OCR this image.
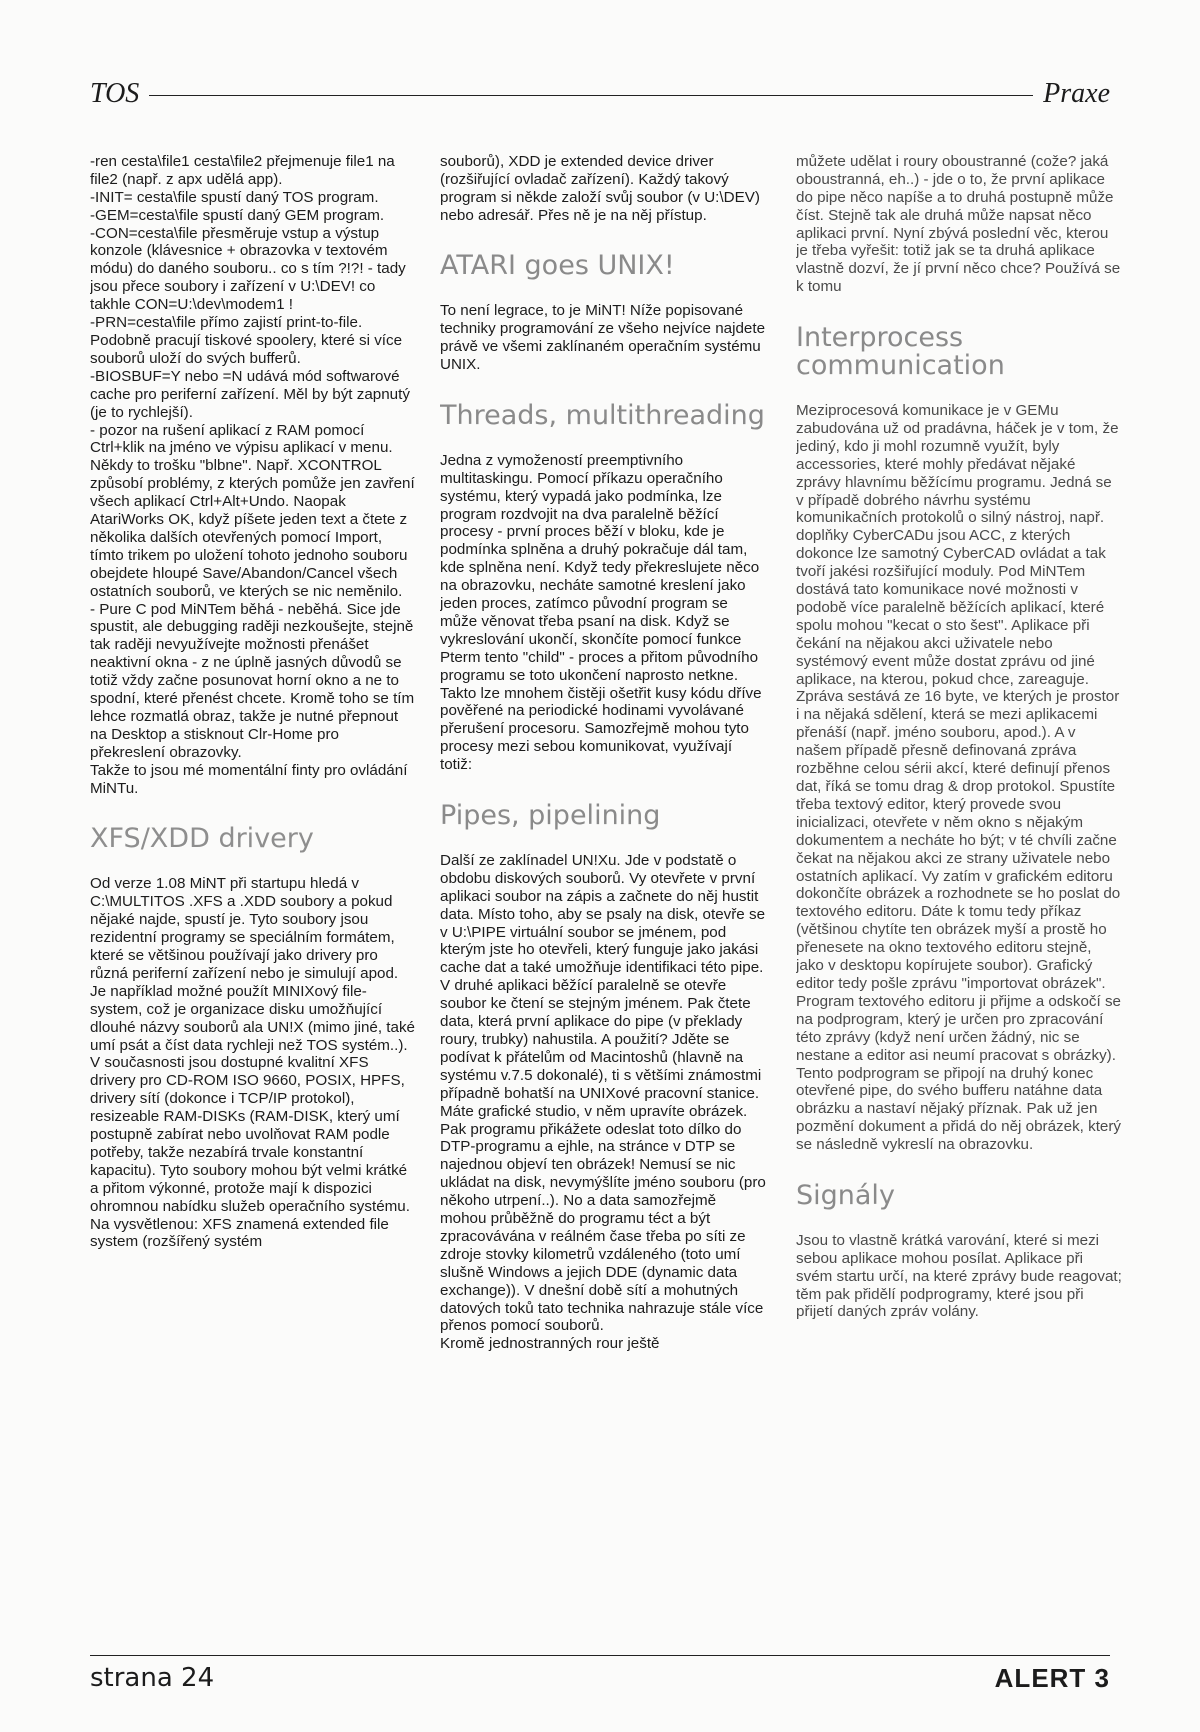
TOS	Praxe

-ren cesta\file1 cesta\file2 přejmenuje file1 na file2 (např. z apx udělá app).
-INIT= cesta\file spustí daný TOS program.
-GEM=cesta\file spustí daný GEM program.
-CON=cesta\file přesměruje vstup a výstup konzole (klávesnice + obrazovka v textovém módu) do daného souboru.. co s tím ?!?! - tady jsou přece soubory i zařízení v U:\DEV! co takhle CON=U:\dev\modem1 !
-PRN=cesta\file přímo zajistí print-to-file. Podobně pracují tiskové spoolery, které si více souborů uloží do svých bufferů.
-BIOSBUF=Y nebo =N udává mód softwarové cache pro periferní zařízení. Měl by být zapnutý (je to rychlejší).
- pozor na rušení aplikací z RAM pomocí Ctrl+klik na jméno ve výpisu aplikací v menu. Někdy to trošku "blbne". Např. XCONTROL způsobí problémy, z kterých pomůže jen zavření všech aplikací Ctrl+Alt+Undo. Naopak AtariWorks OK, když píšete jeden text a čtete z několika dalších otevřených pomocí Import, tímto trikem po uložení tohoto jednoho souboru obejdete hloupé Save/Abandon/Cancel všech ostatních souborů, ve kterých se nic neměnilo.
- Pure C pod MiNTem běhá - neběhá. Sice jde spustit, ale debugging raději nezkoušejte, stejně tak raději nevyužívejte možnosti přenášet neaktivní okna - z ne úplně jasných důvodů se totiž vždy začne posunovat horní okno a ne to spodní, které přenést chcete. Kromě toho se tím lehce rozmatlá obraz, takže je nutné přepnout na Desktop a stisknout Clr-Home pro překreslení obrazovky.
Takže to jsou mé momentální finty pro ovládání MiNTu.

XFS/XDD drivery

Od verze 1.08 MiNT při startupu hledá v C:\MULTITOS .XFS a .XDD soubory a pokud nějaké najde, spustí je. Tyto soubory jsou rezidentní programy se speciálním formátem, které se většinou používají jako drivery pro různá periferní zařízení nebo je simulují apod. Je například možné použít MINIXový file-system, což je organizace disku umožňující dlouhé názvy souborů ala UN!X (mimo jiné, také umí psát a číst data rychleji než TOS systém..). V současnosti jsou dostupné kvalitní XFS drivery pro CD-ROM ISO 9660, POSIX, HPFS, drivery sítí (dokonce i TCP/IP protokol), resizeable RAM-DISKs (RAM-DISK, který umí postupně zabírat nebo uvolňovat RAM podle potřeby, takže nezabírá trvale konstantní kapacitu). Tyto soubory mohou být velmi krátké a přitom výkonné, protože mají k dispozici ohromnou nabídku služeb operačního systému. Na vysvětlenou: XFS znamená extended file system (rozšířený systém

souborů), XDD je extended device driver (rozšiřující ovladač zařízení). Každý takový program si někde založí svůj soubor (v U:\DEV) nebo adresář. Přes ně je na něj přístup.

ATARI goes UNIX!

To není legrace, to je MiNT! Níže popisované techniky programování ze všeho nejvíce najdete právě ve všemi zaklínaném operačním systému UNIX.

Threads, multithreading

Jedna z vymožeností preemptivního multitaskingu. Pomocí příkazu operačního systému, který vypadá jako podmínka, lze program rozdvojit na dva paralelně běžící procesy - první proces běží v bloku, kde je podmínka splněna a druhý pokračuje dál tam, kde splněna není. Když tedy překreslujete něco na obrazovku, necháte samotné kreslení jako jeden proces, zatímco původní program se může věnovat třeba psaní na disk. Když se vykreslování ukončí, skončíte pomocí funkce Pterm tento "child" - proces a přitom původního programu se toto ukončení naprosto netkne. Takto lze mnohem čistěji ošetřit kusy kódu dříve pověřené na periodické hodinami vyvolávané přerušení procesoru. Samozřejmě mohou tyto procesy mezi sebou komunikovat, využívají totiž:

Pipes, pipelining

Další ze zaklínadel UN!Xu. Jde v podstatě o obdobu diskových souborů. Vy otevřete v první aplikaci soubor na zápis a začnete do něj hustit data. Místo toho, aby se psaly na disk, otevře se v U:\PIPE virtuální soubor se jménem, pod kterým jste ho otevřeli, který funguje jako jakási cache dat a také umožňuje identifikaci této pipe. V druhé aplikaci běžící paralelně se otevře soubor ke čtení se stejným jménem. Pak čtete data, která první aplikace do pipe (v překlady roury, trubky) nahustila. A použití? Jděte se podívat k přátelům od Macintoshů (hlavně na systému v.7.5 dokonalé), ti s většími známostmi případně bohatší na UNIXové pracovní stanice. Máte grafické studio, v něm upravíte obrázek. Pak programu přikážete odeslat toto dílko do DTP-programu a ejhle, na stránce v DTP se najednou objeví ten obrázek! Nemusí se nic ukládat na disk, nevymýšlíte jméno souboru (pro někoho utrpení..). No a data samozřejmě mohou průběžně do programu téct a být zpracovávána v reálném čase třeba po síti ze zdroje stovky kilometrů vzdáleného (toto umí slušně Windows a jejich DDE (dynamic data exchange)). V dnešní době sítí a mohutných datových toků tato technika nahrazuje stále více přenos pomocí souborů.
Kromě jednostranných rour ještě

můžete udělat i roury oboustranné (cože? jaká oboustranná, eh..) - jde o to, že první aplikace do pipe něco napíše a to druhá postupně může číst. Stejně tak ale druhá může napsat něco aplikaci první. Nyní zbývá poslední věc, kterou je třeba vyřešit: totiž jak se ta druhá aplikace vlastně dozví, že jí první něco chce? Používá se k tomu

Interprocess communication

Meziprocesová komunikace je v GEMu zabudována už od pradávna, háček je v tom, že jediný, kdo ji mohl rozumně využít, byly accessories, které mohly předávat nějaké zprávy hlavnímu běžícímu programu. Jedná se v případě dobrého návrhu systému komunikačních protokolů o silný nástroj, např. doplňky CyberCADu jsou ACC, z kterých dokonce lze samotný CyberCAD ovládat a tak tvoří jakési rozšiřující moduly. Pod MiNTem dostává tato komunikace nové možnosti v podobě více paralelně běžících aplikací, které spolu mohou "kecat o sto šest". Aplikace při čekání na nějakou akci uživatele nebo systémový event může dostat zprávu od jiné aplikace, na kterou, pokud chce, zareaguje. Zpráva sestává ze 16 byte, ve kterých je prostor i na nějaká sdělení, která se mezi aplikacemi přenáší (např. jméno souboru, apod.). A v našem případě přesně definovaná zpráva rozběhne celou sérii akcí, které definují přenos dat, říká se tomu drag & drop protokol. Spustíte třeba textový editor, který provede svou inicializaci, otevřete v něm okno s nějakým dokumentem a necháte ho být; v té chvíli začne čekat na nějakou akci ze strany uživatele nebo ostatních aplikací. Vy zatím v grafickém editoru dokončíte obrázek a rozhodnete se ho poslat do textového editoru. Dáte k tomu tedy příkaz (většinou chytíte ten obrázek myší a prostě ho přenesete na okno textového editoru stejně, jako v desktopu kopírujete soubor). Grafický editor tedy pošle zprávu "importovat obrázek". Program textového editoru ji přijme a odskočí se na podprogram, který je určen pro zpracování této zprávy (když není určen žádný, nic se nestane a editor asi neumí pracovat s obrázky). Tento podprogram se připojí na druhý konec otevřené pipe, do svého bufferu natáhne data obrázku a nastaví nějaký příznak. Pak už jen pozmění dokument a přidá do něj obrázek, který se následně vykreslí na obrazovku.

Signály

Jsou to vlastně krátká varování, které si mezi sebou aplikace mohou posílat. Aplikace při svém startu určí, na které zprávy bude reagovat; těm pak přidělí podprogramy, které jsou při přijetí daných zpráv volány.

strana 24	ALERT 3
